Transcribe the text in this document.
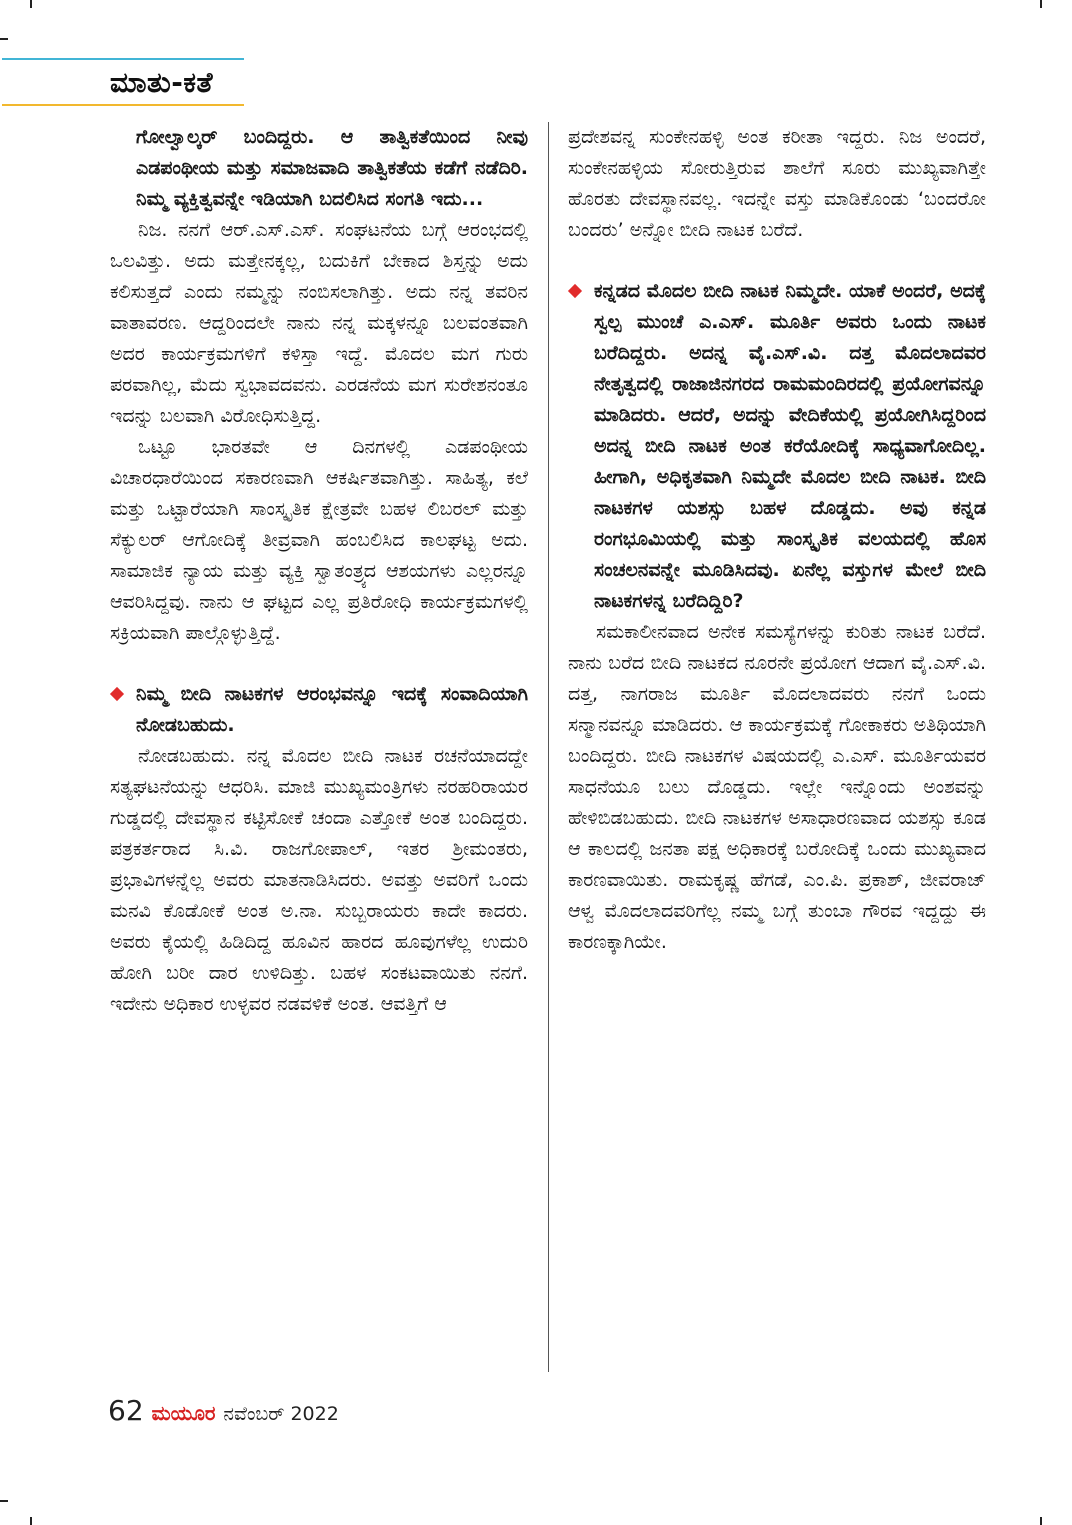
ಮಾತು-ಕತೆ

ಗೋಲ್ವಾಲ್ಕರ್ ಬಂದಿದ್ದರು. ಆ ತಾತ್ವಿಕತೆಯಿಂದ ನೀವು ಎಡಪಂಥೀಯ ಮತ್ತು ಸಮಾಜವಾದಿ ತಾತ್ವಿಕತೆಯ ಕಡೆಗೆ ನಡೆದಿರಿ. ನಿಮ್ಮ ವ್ಯಕ್ತಿತ್ವವನ್ನೇ ಇಡಿಯಾಗಿ ಬದಲಿಸಿದ ಸಂಗತಿ ಇದು...

ನಿಜ. ನನಗೆ ಆರ್.ಎಸ್.ಎಸ್. ಸಂಘಟನೆಯ ಬಗ್ಗೆ ಆರಂಭದಲ್ಲಿ ಒಲವಿತ್ತು. ಅದು ಮತ್ತೇನಕ್ಕಲ್ಲ, ಬದುಕಿಗೆ ಬೇಕಾದ ಶಿಸ್ತನ್ನು ಅದು ಕಲಿಸುತ್ತದೆ ಎಂದು ನಮ್ಮನ್ನು ನಂಬಿಸಲಾಗಿತ್ತು. ಅದು ನನ್ನ ತವರಿನ ವಾತಾವರಣ. ಆದ್ದರಿಂದಲೇ ನಾನು ನನ್ನ ಮಕ್ಕಳನ್ನೂ ಬಲವಂತವಾಗಿ ಅದರ ಕಾರ್ಯಕ್ರಮಗಳಿಗೆ ಕಳಿಸ್ತಾ ಇದ್ದೆ. ಮೊದಲ ಮಗ ಗುರು ಪರವಾಗಿಲ್ಲ, ಮೆದು ಸ್ವಭಾವದವನು. ಎರಡನೆಯ ಮಗ ಸುರೇಶನಂತೂ ಇದನ್ನು ಬಲವಾಗಿ ವಿರೋಧಿಸುತ್ತಿದ್ದ.

ಒಟ್ಟೂ ಭಾರತವೇ ಆ ದಿನಗಳಲ್ಲಿ ಎಡಪಂಥೀಯ ವಿಚಾರಧಾರೆಯಿಂದ ಸಕಾರಣವಾಗಿ ಆಕರ್ಷಿತವಾಗಿತ್ತು. ಸಾಹಿತ್ಯ, ಕಲೆ ಮತ್ತು ಒಟ್ಟಾರೆಯಾಗಿ ಸಾಂಸ್ಕೃತಿಕ ಕ್ಷೇತ್ರವೇ ಬಹಳ ಲಿಬರಲ್ ಮತ್ತು ಸೆಕ್ಯುಲರ್ ಆಗೋದಿಕ್ಕೆ ತೀವ್ರವಾಗಿ ಹಂಬಲಿಸಿದ ಕಾಲಘಟ್ಟ ಅದು. ಸಾಮಾಜಿಕ ನ್ಯಾಯ ಮತ್ತು ವ್ಯಕ್ತಿ ಸ್ವಾತಂತ್ರ್ಯದ ಆಶಯಗಳು ಎಲ್ಲರನ್ನೂ ಆವರಿಸಿದ್ದವು. ನಾನು ಆ ಘಟ್ಟದ ಎಲ್ಲ ಪ್ರತಿರೋಧಿ ಕಾರ್ಯಕ್ರಮಗಳಲ್ಲಿ ಸಕ್ರಿಯವಾಗಿ ಪಾಲ್ಗೊಳ್ಳುತ್ತಿದ್ದೆ.

ನಿಮ್ಮ ಬೀದಿ ನಾಟಕಗಳ ಆರಂಭವನ್ನೂ ಇದಕ್ಕೆ ಸಂವಾದಿಯಾಗಿ ನೋಡಬಹುದು.

ನೋಡಬಹುದು. ನನ್ನ ಮೊದಲ ಬೀದಿ ನಾಟಕ ರಚನೆಯಾದದ್ದೇ ಸತ್ಯಘಟನೆಯನ್ನು ಆಧರಿಸಿ. ಮಾಜಿ ಮುಖ್ಯಮಂತ್ರಿಗಳು ನರಹರಿರಾಯರ ಗುಡ್ಡದಲ್ಲಿ ದೇವಸ್ಥಾನ ಕಟ್ಟಿಸೋಕೆ ಚಂದಾ ಎತ್ತೋಕೆ ಅಂತ ಬಂದಿದ್ದರು. ಪತ್ರಕರ್ತರಾದ ಸಿ.ವಿ. ರಾಜಗೋಪಾಲ್, ಇತರ ಶ್ರೀಮಂತರು, ಪ್ರಭಾವಿಗಳನ್ನೆಲ್ಲ ಅವರು ಮಾತನಾಡಿಸಿದರು. ಅವತ್ತು ಅವರಿಗೆ ಒಂದು ಮನವಿ ಕೊಡೋಕೆ ಅಂತ ಅ.ನಾ. ಸುಬ್ಬರಾಯರು ಕಾದೇ ಕಾದರು. ಅವರು ಕೈಯಲ್ಲಿ ಹಿಡಿದಿದ್ದ ಹೂವಿನ ಹಾರದ ಹೂವುಗಳೆಲ್ಲ ಉದುರಿ ಹೋಗಿ ಬರೀ ದಾರ ಉಳಿದಿತ್ತು. ಬಹಳ ಸಂಕಟವಾಯಿತು ನನಗೆ. ಇದೇನು ಅಧಿಕಾರ ಉಳ್ಳವರ ನಡವಳಿಕೆ ಅಂತ. ಆವತ್ತಿಗೆ ಆ

ಪ್ರದೇಶವನ್ನ ಸುಂಕೇನಹಳ್ಳಿ ಅಂತ ಕರೀತಾ ಇದ್ದರು. ನಿಜ ಅಂದರೆ, ಸುಂಕೇನಹಳ್ಳಿಯ ಸೋರುತ್ತಿರುವ ಶಾಲೆಗೆ ಸೂರು ಮುಖ್ಯವಾಗಿತ್ತೇ ಹೊರತು ದೇವಸ್ಥಾನವಲ್ಲ. ಇದನ್ನೇ ವಸ್ತು ಮಾಡಿಕೊಂಡು ‘ಬಂದರೋ ಬಂದರು’ ಅನ್ನೋ ಬೀದಿ ನಾಟಕ ಬರೆದೆ.

ಕನ್ನಡದ ಮೊದಲ ಬೀದಿ ನಾಟಕ ನಿಮ್ಮದೇ. ಯಾಕೆ ಅಂದರೆ, ಅದಕ್ಕೆ ಸ್ವಲ್ಪ ಮುಂಚೆ ಎ.ಎಸ್. ಮೂರ್ತಿ ಅವರು ಒಂದು ನಾಟಕ ಬರೆದಿದ್ದರು. ಅದನ್ನ ವೈ.ಎಸ್.ವಿ. ದತ್ತ ಮೊದಲಾದವರ ನೇತೃತ್ವದಲ್ಲಿ ರಾಜಾಜಿನಗರದ ರಾಮಮಂದಿರದಲ್ಲಿ ಪ್ರಯೋಗವನ್ನೂ ಮಾಡಿದರು. ಆದರೆ, ಅದನ್ನು ವೇದಿಕೆಯಲ್ಲಿ ಪ್ರಯೋಗಿಸಿದ್ದರಿಂದ ಅದನ್ನ ಬೀದಿ ನಾಟಕ ಅಂತ ಕರೆಯೋದಿಕ್ಕೆ ಸಾಧ್ಯವಾಗೋದಿಲ್ಲ. ಹೀಗಾಗಿ, ಅಧಿಕೃತವಾಗಿ ನಿಮ್ಮದೇ ಮೊದಲ ಬೀದಿ ನಾಟಕ. ಬೀದಿ ನಾಟಕಗಳ ಯಶಸ್ಸು ಬಹಳ ದೊಡ್ಡದು. ಅವು ಕನ್ನಡ ರಂಗಭೂಮಿಯಲ್ಲಿ ಮತ್ತು ಸಾಂಸ್ಕೃತಿಕ ವಲಯದಲ್ಲಿ ಹೊಸ ಸಂಚಲನವನ್ನೇ ಮೂಡಿಸಿದವು. ಏನೆಲ್ಲ ವಸ್ತುಗಳ ಮೇಲೆ ಬೀದಿ ನಾಟಕಗಳನ್ನ ಬರೆದಿದ್ದಿರಿ?

ಸಮಕಾಲೀನವಾದ ಅನೇಕ ಸಮಸ್ಯೆಗಳನ್ನು ಕುರಿತು ನಾಟಕ ಬರೆದೆ. ನಾನು ಬರೆದ ಬೀದಿ ನಾಟಕದ ನೂರನೇ ಪ್ರಯೋಗ ಆದಾಗ ವೈ.ಎಸ್.ವಿ. ದತ್ತ, ನಾಗರಾಜ ಮೂರ್ತಿ ಮೊದಲಾದವರು ನನಗೆ ಒಂದು ಸನ್ಮಾನವನ್ನೂ ಮಾಡಿದರು. ಆ ಕಾರ್ಯಕ್ರಮಕ್ಕೆ ಗೋಕಾಕರು ಅತಿಥಿಯಾಗಿ ಬಂದಿದ್ದರು. ಬೀದಿ ನಾಟಕಗಳ ವಿಷಯದಲ್ಲಿ ಎ.ಎಸ್. ಮೂರ್ತಿಯವರ ಸಾಧನೆಯೂ ಬಲು ದೊಡ್ಡದು. ಇಲ್ಲೇ ಇನ್ನೊಂದು ಅಂಶವನ್ನು ಹೇಳಿಬಿಡಬಹುದು. ಬೀದಿ ನಾಟಕಗಳ ಅಸಾಧಾರಣವಾದ ಯಶಸ್ಸು ಕೂಡ ಆ ಕಾಲದಲ್ಲಿ ಜನತಾ ಪಕ್ಷ ಅಧಿಕಾರಕ್ಕೆ ಬರೋದಿಕ್ಕೆ ಒಂದು ಮುಖ್ಯವಾದ ಕಾರಣವಾಯಿತು. ರಾಮಕೃಷ್ಣ ಹೆಗಡೆ, ಎಂ.ಪಿ. ಪ್ರಕಾಶ್, ಜೀವರಾಜ್ ಆಳ್ವ ಮೊದಲಾದವರಿಗೆಲ್ಲ ನಮ್ಮ ಬಗ್ಗೆ ತುಂಬಾ ಗೌರವ ಇದ್ದದ್ದು ಈ ಕಾರಣಕ್ಕಾಗಿಯೇ.

62 ಮಯೂರ ನವೆಂಬರ್ 2022
